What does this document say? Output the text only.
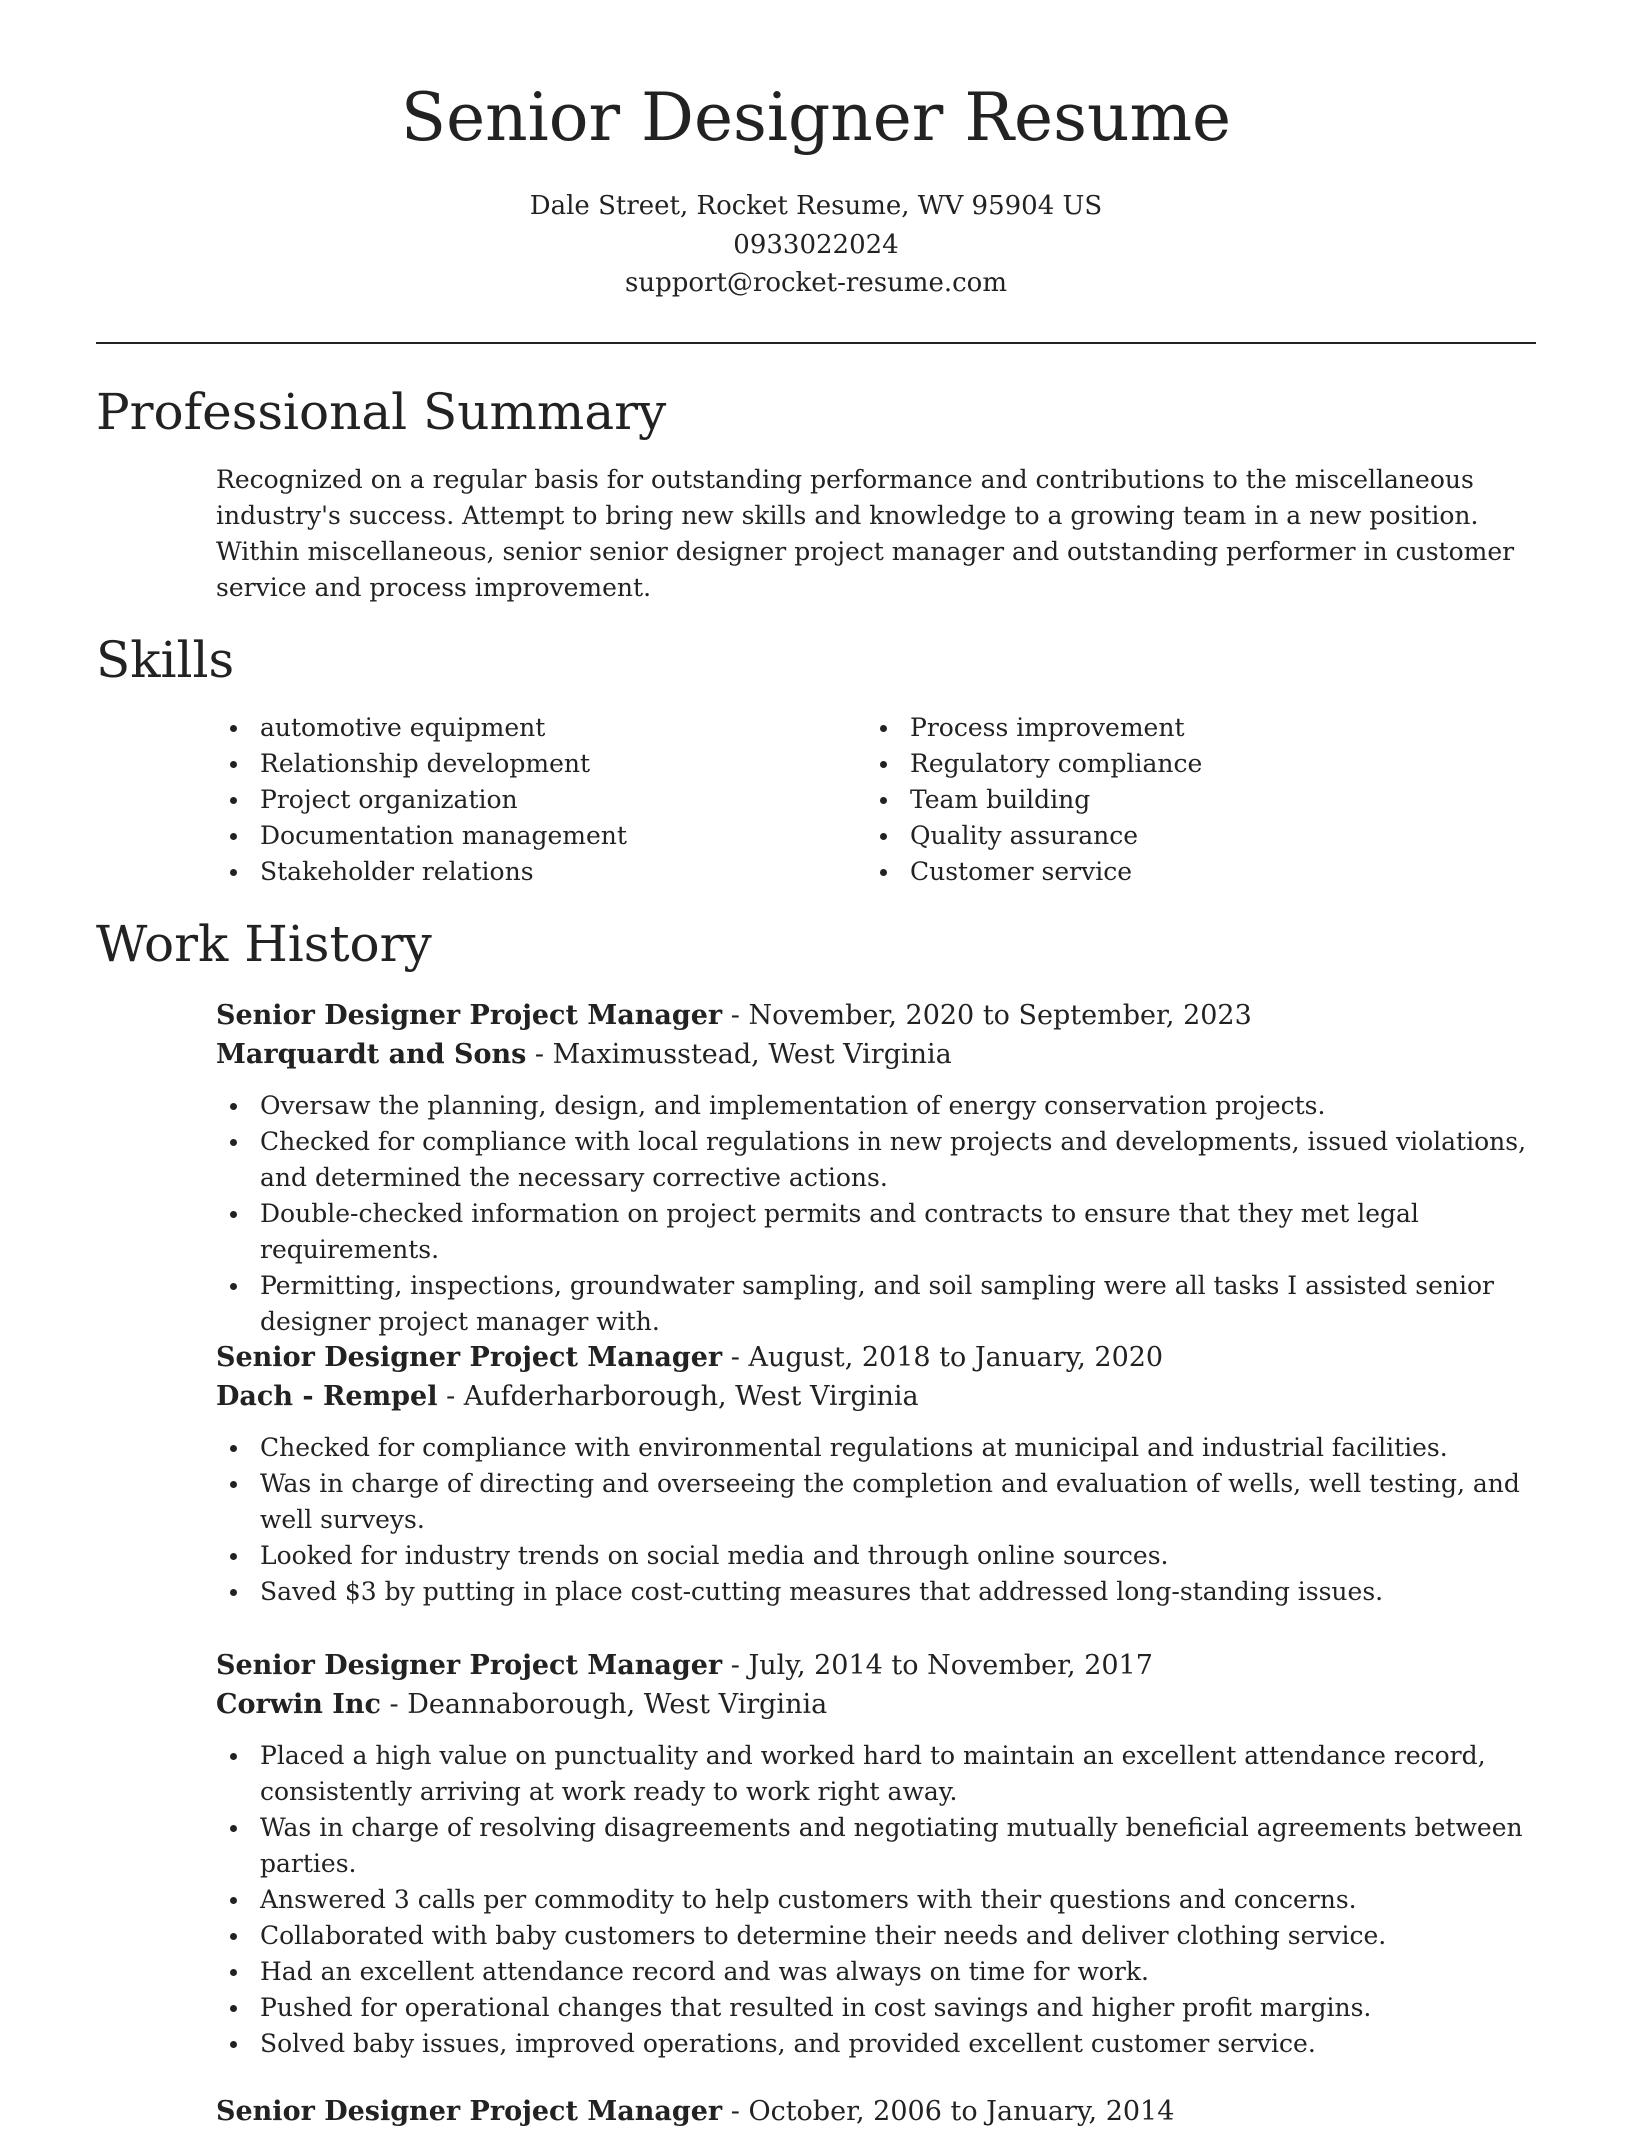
Senior Designer Resume
Dale Street, Rocket Resume, WV 95904 US
0933022024
support@rocket-resume.com
Professional Summary
Recognized on a regular basis for outstanding performance and contributions to the miscellaneous industry's success. Attempt to bring new skills and knowledge to a growing team in a new position. Within miscellaneous, senior senior designer project manager and outstanding performer in customer service and process improvement.
Skills
automotive equipment
Relationship development
Project organization
Documentation management
Stakeholder relations
Process improvement
Regulatory compliance
Team building
Quality assurance
Customer service
Work History
Senior Designer Project Manager - November, 2020 to September, 2023
Marquardt and Sons - Maximusstead, West Virginia
Oversaw the planning, design, and implementation of energy conservation projects.
Checked for compliance with local regulations in new projects and developments, issued violations, and determined the necessary corrective actions.
Double-checked information on project permits and contracts to ensure that they met legal requirements.
Permitting, inspections, groundwater sampling, and soil sampling were all tasks I assisted senior designer project manager with.
Senior Designer Project Manager - August, 2018 to January, 2020
Dach - Rempel - Aufderharborough, West Virginia
Checked for compliance with environmental regulations at municipal and industrial facilities.
Was in charge of directing and overseeing the completion and evaluation of wells, well testing, and well surveys.
Looked for industry trends on social media and through online sources.
Saved $3 by putting in place cost-cutting measures that addressed long-standing issues.
Senior Designer Project Manager - July, 2014 to November, 2017
Corwin Inc - Deannaborough, West Virginia
Placed a high value on punctuality and worked hard to maintain an excellent attendance record, consistently arriving at work ready to work right away.
Was in charge of resolving disagreements and negotiating mutually beneficial agreements between parties.
Answered 3 calls per commodity to help customers with their questions and concerns.
Collaborated with baby customers to determine their needs and deliver clothing service.
Had an excellent attendance record and was always on time for work.
Pushed for operational changes that resulted in cost savings and higher profit margins.
Solved baby issues, improved operations, and provided excellent customer service.
Senior Designer Project Manager - October, 2006 to January, 2014
